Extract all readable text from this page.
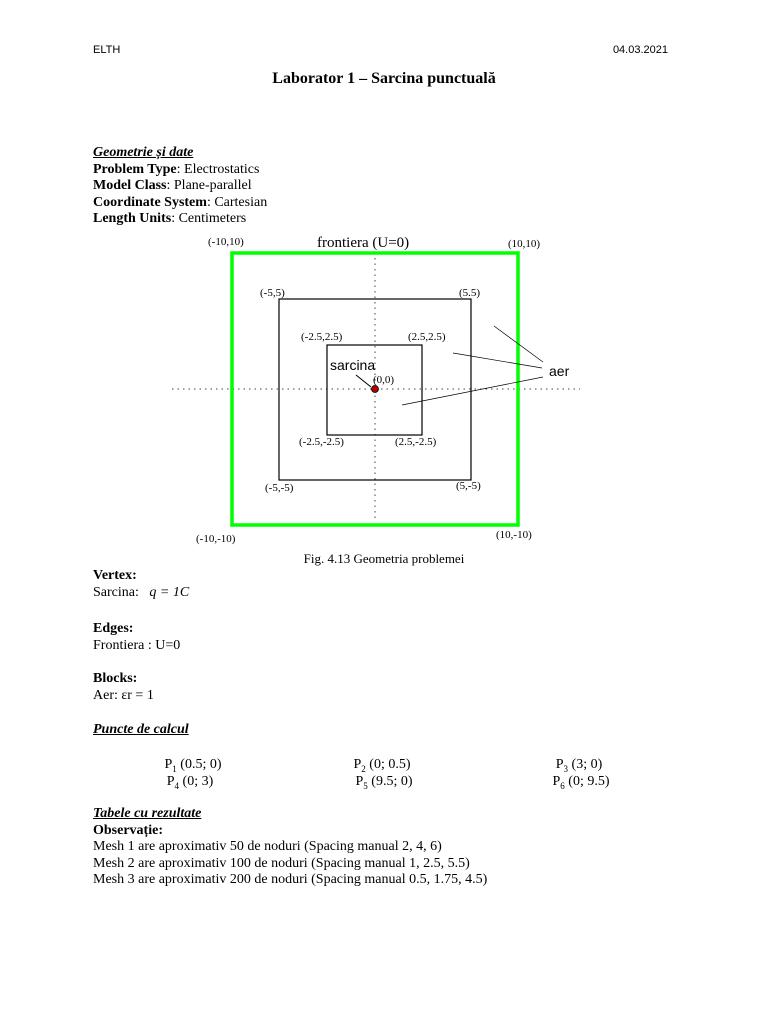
ELTH	04.03.2021
Laborator 1 – Sarcina punctuală
Geometrie și date
Problem Type: Electrostatics
Model Class: Plane-parallel
Coordinate System: Cartesian
Length Units: Centimeters
frontiera (U=0)
(-10,10)	(10,10)
(-10,-10)	(10,-10)
(-5,5)	(5.5)
(-5,-5)	(5,-5)
(-2.5,2.5)	(2.5,2.5)
(-2.5,-2.5)	(2.5,-2.5)
sarcina
(0,0)
aer
Fig. 4.13 Geometria problemei
Vertex:
Sarcina: q = 1C
Edges:
Frontiera : U=0
Blocks:
Aer: εr = 1
Puncte de calcul
$P_1$ (0.5; 0)	$P_2$ (0; 0.5)	$P_3$ (3; 0)
$P_4$ (0; 3)	$P_5$ (9.5; 0)	$P_6$ (0; 9.5)
Tabele cu rezultate
Observație:
Mesh 1 are aproximativ 50 de noduri (Spacing manual 2, 4, 6)
Mesh 2 are aproximativ 100 de noduri (Spacing manual 1, 2.5, 5.5)
Mesh 3 are aproximativ 200 de noduri (Spacing manual 0.5, 1.75, 4.5)
